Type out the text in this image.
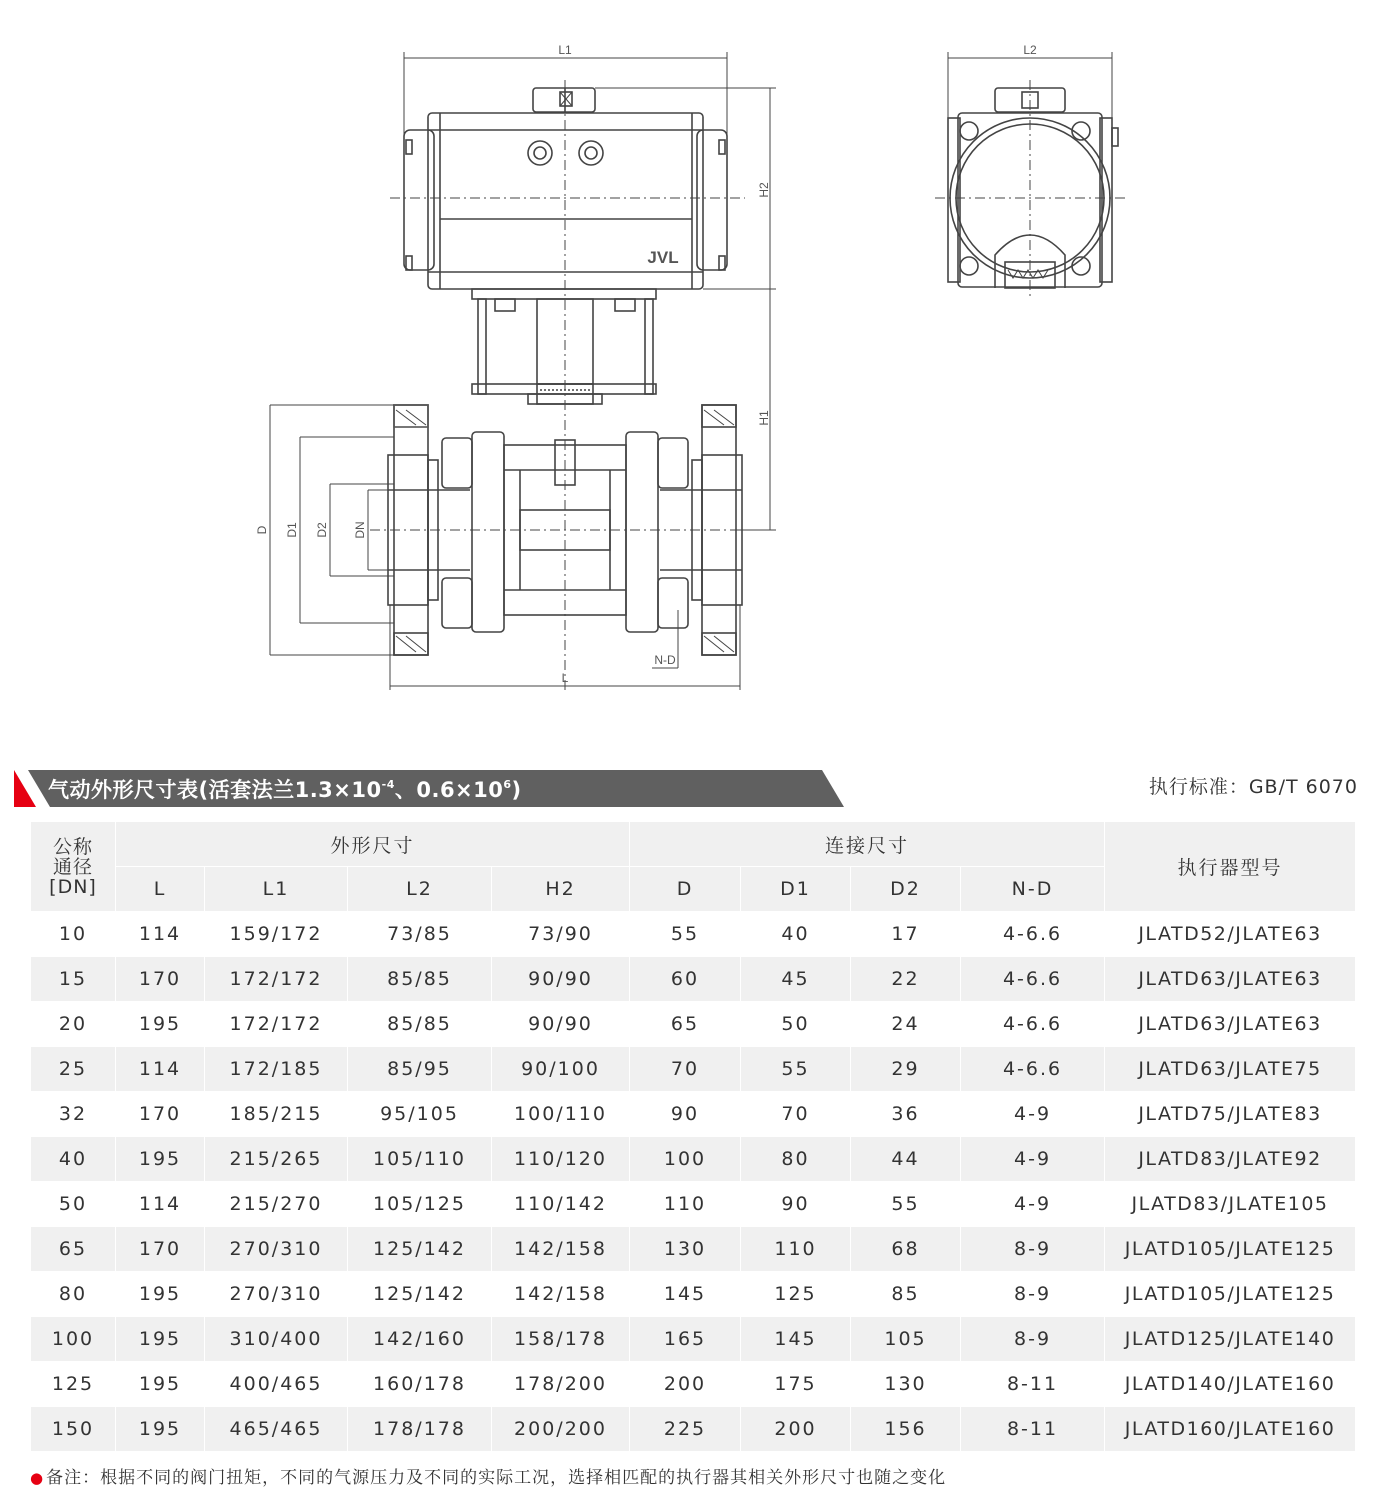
L1
JVL
H2
H1
D D1 D2 DN
L
N-D
L2
气动外形尺寸表(活套法兰$1.3\times 10^{-4}$、$0.6\times 10^6$)	执行标准：GB/T 6070
公称
通径
[DN]	外形尺寸				连接尺寸				执行器型号
	L	L1	L2	H2	D	D1	D2	N-D	
10	114	159/172	73/85	73/90	55	40	17	4-6.6	JLATD52/JLATE63
15	170	172/172	85/85	90/90	60	45	22	4-6.6	JLATD63/JLATE63
20	195	172/172	85/85	90/90	65	50	24	4-6.6	JLATD63/JLATE63
25	114	172/185	85/95	90/100	70	55	29	4-6.6	JLATD63/JLATE75
32	170	185/215	95/105	100/110	90	70	36	4-9	JLATD75/JLATE83
40	195	215/265	105/110	110/120	100	80	44	4-9	JLATD83/JLATE92
50	114	215/270	105/125	110/142	110	90	55	4-9	JLATD83/JLATE105
65	170	270/310	125/142	142/158	130	110	68	8-9	JLATD105/JLATE125
80	195	270/310	125/142	142/158	145	125	85	8-9	JLATD105/JLATE125
100	195	310/400	142/160	158/178	165	145	105	8-9	JLATD125/JLATE140
125	195	400/465	160/178	178/200	200	175	130	8-11	JLATD140/JLATE160
150	195	465/465	178/178	200/200	225	200	156	8-11	JLATD160/JLATE160
● 备注：根据不同的阀门扭矩，不同的气源压力及不同的实际工况，选择相匹配的执行器其相关外形尺寸也随之变化
